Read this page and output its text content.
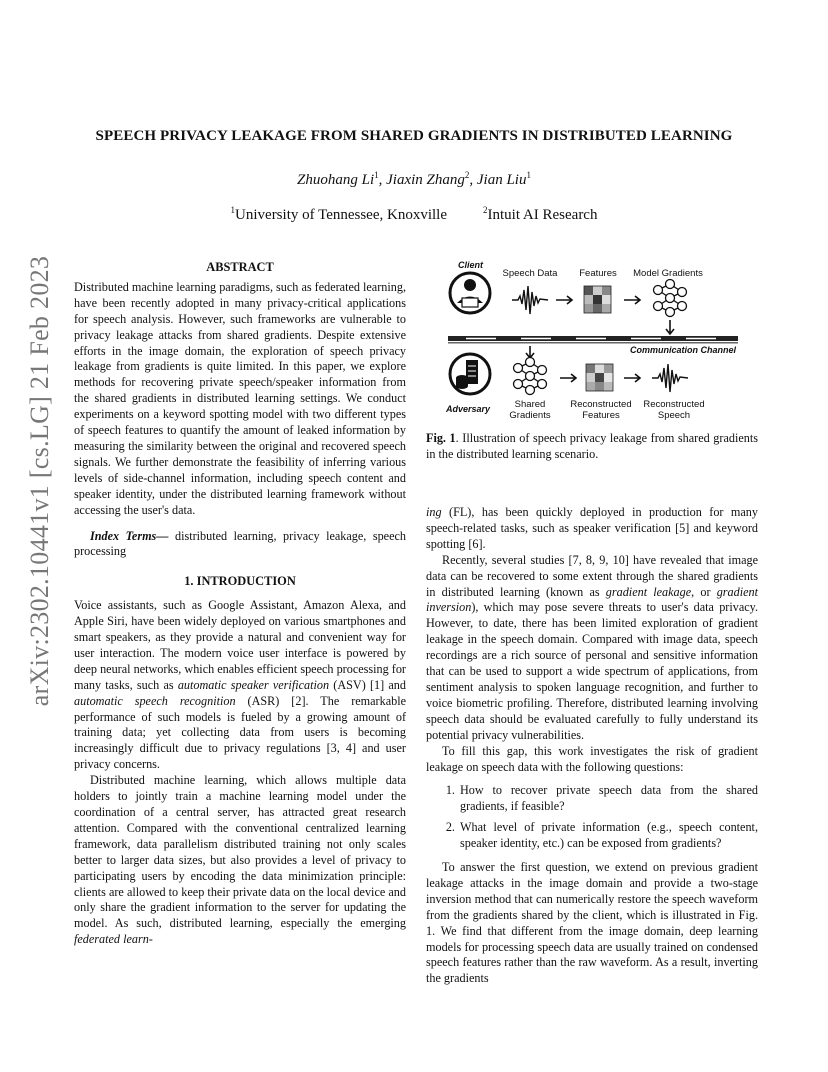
arXiv:2302.10441v1 [cs.LG] 21 Feb 2023
SPEECH PRIVACY LEAKAGE FROM SHARED GRADIENTS IN DISTRIBUTED LEARNING
Zhuohang Li$^1$, Jiaxin Zhang$^2$, Jian Liu$^1$
$^1$University of Tennessee, Knoxville	$^2$Intuit AI Research
ABSTRACT

Distributed machine learning paradigms, such as federated learning, have been recently adopted in many privacy-critical applications for speech analysis. However, such frameworks are vulnerable to privacy leakage attacks from shared gradients. Despite extensive efforts in the image domain, the exploration of speech privacy leakage from gradients is quite limited. In this paper, we explore methods for recovering private speech/speaker information from the shared gradients in distributed learning settings. We conduct experiments on a keyword spotting model with two different types of speech features to quantify the amount of leaked information by measuring the similarity between the original and recovered speech signals. We further demonstrate the feasibility of inferring various levels of side-channel information, including speech content and speaker identity, under the distributed learning framework without accessing the user's data.

Index Terms— distributed learning, privacy leakage, speech processing

1. INTRODUCTION

Voice assistants, such as Google Assistant, Amazon Alexa, and Apple Siri, have been widely deployed on various smartphones and smart speakers, as they provide a natural and convenient way for user interaction. The modern voice user interface is powered by deep neural networks, which enables efficient speech processing for many tasks, such as automatic speaker verification (ASV) [1] and automatic speech recognition (ASR) [2]. The remarkable performance of such models is fueled by a growing amount of training data; yet collecting data from users is becoming increasingly difficult due to privacy regulations [3, 4] and user privacy concerns.

Distributed machine learning, which allows multiple data holders to jointly train a machine learning model under the coordination of a central server, has attracted great research attention. Compared with the conventional centralized learning framework, data parallelism distributed training not only scales better to larger data sizes, but also provides a level of privacy to participating users by encoding the data minimization principle: clients are allowed to keep their private data on the local device and only share the gradient information to the server for updating the model. As such, distributed learning, especially the emerging federated learn-

Client
Speech Data Features Model Gradients
Communication Channel
Adversary	Shared
Gradients
Reconstructed
Features
Reconstructed
Speech
Fig. 1. Illustration of speech privacy leakage from shared gradients in the distributed learning scenario.

ing (FL), has been quickly deployed in production for many speech-related tasks, such as speaker verification [5] and keyword spotting [6].

Recently, several studies [7, 8, 9, 10] have revealed that image data can be recovered to some extent through the shared gradients in distributed learning (known as gradient leakage, or gradient inversion), which may pose severe threats to user's data privacy. However, to date, there has been limited exploration of gradient leakage in the speech domain. Compared with image data, speech recordings are a rich source of personal and sensitive information that can be used to support a wide spectrum of applications, from sentiment analysis to spoken language recognition, and further to voice biometric profiling. Therefore, distributed learning involving speech data should be evaluated carefully to fully understand its potential privacy vulnerabilities.

To fill this gap, this work investigates the risk of gradient leakage on speech data with the following questions:

1. How to recover private speech data from the shared gradients, if feasible?
2. What level of private information (e.g., speech content, speaker identity, etc.) can be exposed from gradients?

To answer the first question, we extend on previous gradient leakage attacks in the image domain and provide a two-stage inversion method that can numerically restore the speech waveform from the gradients shared by the client, which is illustrated in Fig. 1. We find that different from the image domain, deep learning models for processing speech data are usually trained on condensed speech features rather than the raw waveform. As a result, inverting the gradients
